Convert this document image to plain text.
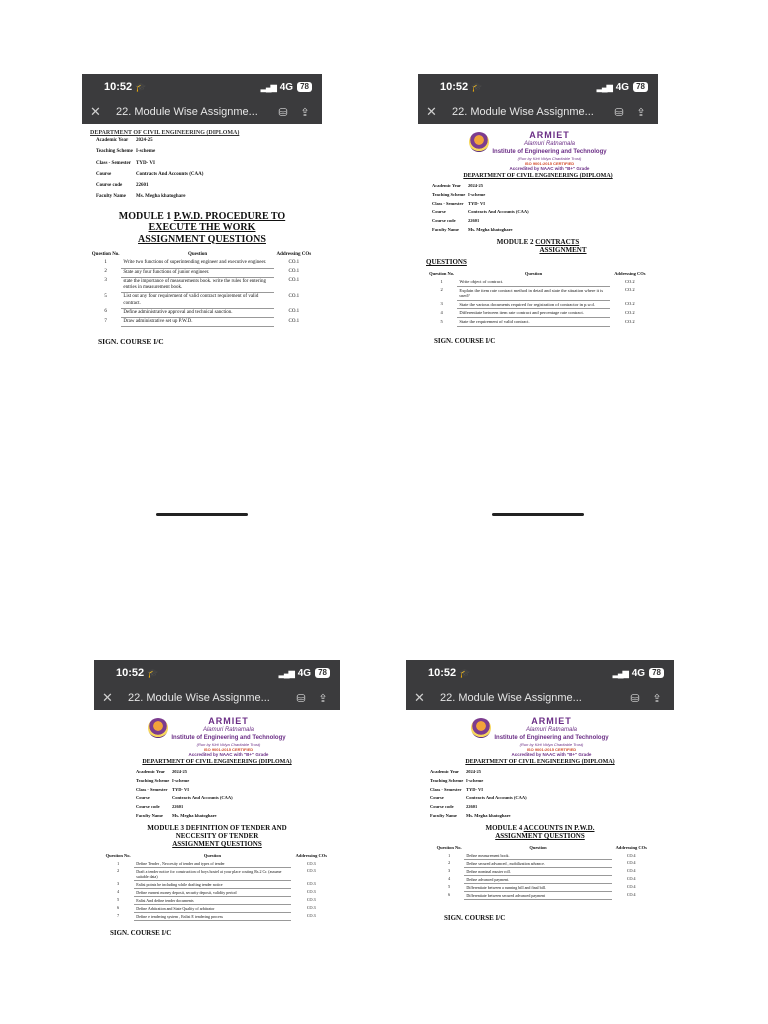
10:52 🎓	▂▄▆ 4G 78
✕	22. Module Wise Assignme...	⛁	⇪
DEPARTMENT OF CIVIL ENGINEERING (DIPLOMA)
Academic Year	2024-25
Teaching Scheme I-scheme
Class - Semester	TYD- VI
Course	Contracts And Accounts (CAA)
Course code	22601
Faculty Name	Ms. Megha khatoghare
MODULE 1 P.W.D. PROCEDURE TO
EXECUTE THE WORK
ASSIGNMENT QUESTIONS
Question No.	Question	Addressing COs
1	Write two functions of superintending engineer and executive engineer.	CO.1
2	State any four functions of junior engineer.	CO.1
3	state the importance of measurements book. write the rules for entering entries in measurement book.	CO.1
5	List out any four requirement of valid contract requirement of valid contract.	CO.1
6	Define administrative approval and technical sanction.	CO.1
7	Draw administrative set up P.W.D.	CO.1
SIGN. COURSE I/C
10:52 🎓	▂▄▆ 4G 78
✕	22. Module Wise Assignme...	⛁	⇪
ARMIET
Alamuri Ratnamala
Institute of Engineering and Technology
(Run by Kirti Vidya Charitable Trust)
ISO 9001:2015 CERTIFIED
Accredited by NAAC with "B+" Grade
DEPARTMENT OF CIVIL ENGINEERING (DIPLOMA)
Academic Year	2024-25
Teaching Scheme I-scheme
Class - Semester	TYD- VI
Course	Contracts And Accounts (CAA)
Course code	22601
Faculty Name	Ms. Megha khatoghare
MODULE 2 CONTRACTS
ASSIGNMENT
QUESTIONS
Question No.	Question	Addressing COs
1	Write object of contract.	CO.2
2	Explain the item rate contract method in detail and state the situation where it is used?	CO.2
3	State the various documents required for registration of contractor in p.w.d.	CO.2
4	Differentiate between item rate contract and percentage rate contract.	CO.2
5	State the requirement of valid contract.	CO.2
SIGN. COURSE I/C
10:52 🎓	▂▄▆ 4G 78
✕	22. Module Wise Assignme...	⛁	⇪
ARMIET
Alamuri Ratnamala
Institute of Engineering and Technology
(Run by Kirti Vidya Charitable Trust)
ISO 9001:2015 CERTIFIED
Accredited by NAAC with "B+" Grade
DEPARTMENT OF CIVIL ENGINEERING (DIPLOMA)
Academic Year	2024-25
Teaching Scheme I-scheme
Class - Semester	TYD- VI
Course	Contracts And Accounts (CAA)
Course code	22601
Faculty Name	Ms. Megha khatoghare
MODULE 3 DEFINITION OF TENDER AND
NECCESITY OF TENDER
ASSIGNMENT QUESTIONS
Question No.	Question	Addressing COs
1	Define Tender , Neccesity of tender and types of tender	CO.3
2	Draft a tender notice for construction of boys hostel at your place costing Rs.2 Cr. (assume suitable data)	CO.3
3	Enlist points be including while drafting tender notice	CO.3
4	Define earnest money deposit, security deposit, validity period	CO.3
5	Enlist And define tender documents	CO.3
6	Define Arbitration and State Quality of arbitrator	CO.3
7	Define e tendering system , Enlist E tendering process	CO.3
SIGN. COURSE I/C
10:52 🎓	▂▄▆ 4G 78
✕	22. Module Wise Assignme...	⛁	⇪
ARMIET
Alamuri Ratnamala
Institute of Engineering and Technology
(Run by Kirti Vidya Charitable Trust)
ISO 9001:2015 CERTIFIED
Accredited by NAAC with "B+" Grade
DEPARTMENT OF CIVIL ENGINEERING (DIPLOMA)
Academic Year	2024-25
Teaching Scheme I-scheme
Class - Semester	TYD- VI
Course	Contracts And Accounts (CAA)
Course code	22601
Faculty Name	Ms. Megha khatoghare
MODULE 4 ACCOUNTS IN P.W.D.
ASSIGNMENT QUESTIONS
Question No.	Question	Addressing COs
1	Define measurement book.	CO.4
2	Define secured advanced , mobilization advance.	CO.4
3	Define nominal muster roll.	CO.4
4	Define advanced payment.	CO.4
5	Differentiate between a running bill and final bill.	CO.4
6	Differentiate between secured advanced payment	CO.4
SIGN. COURSE I/C
